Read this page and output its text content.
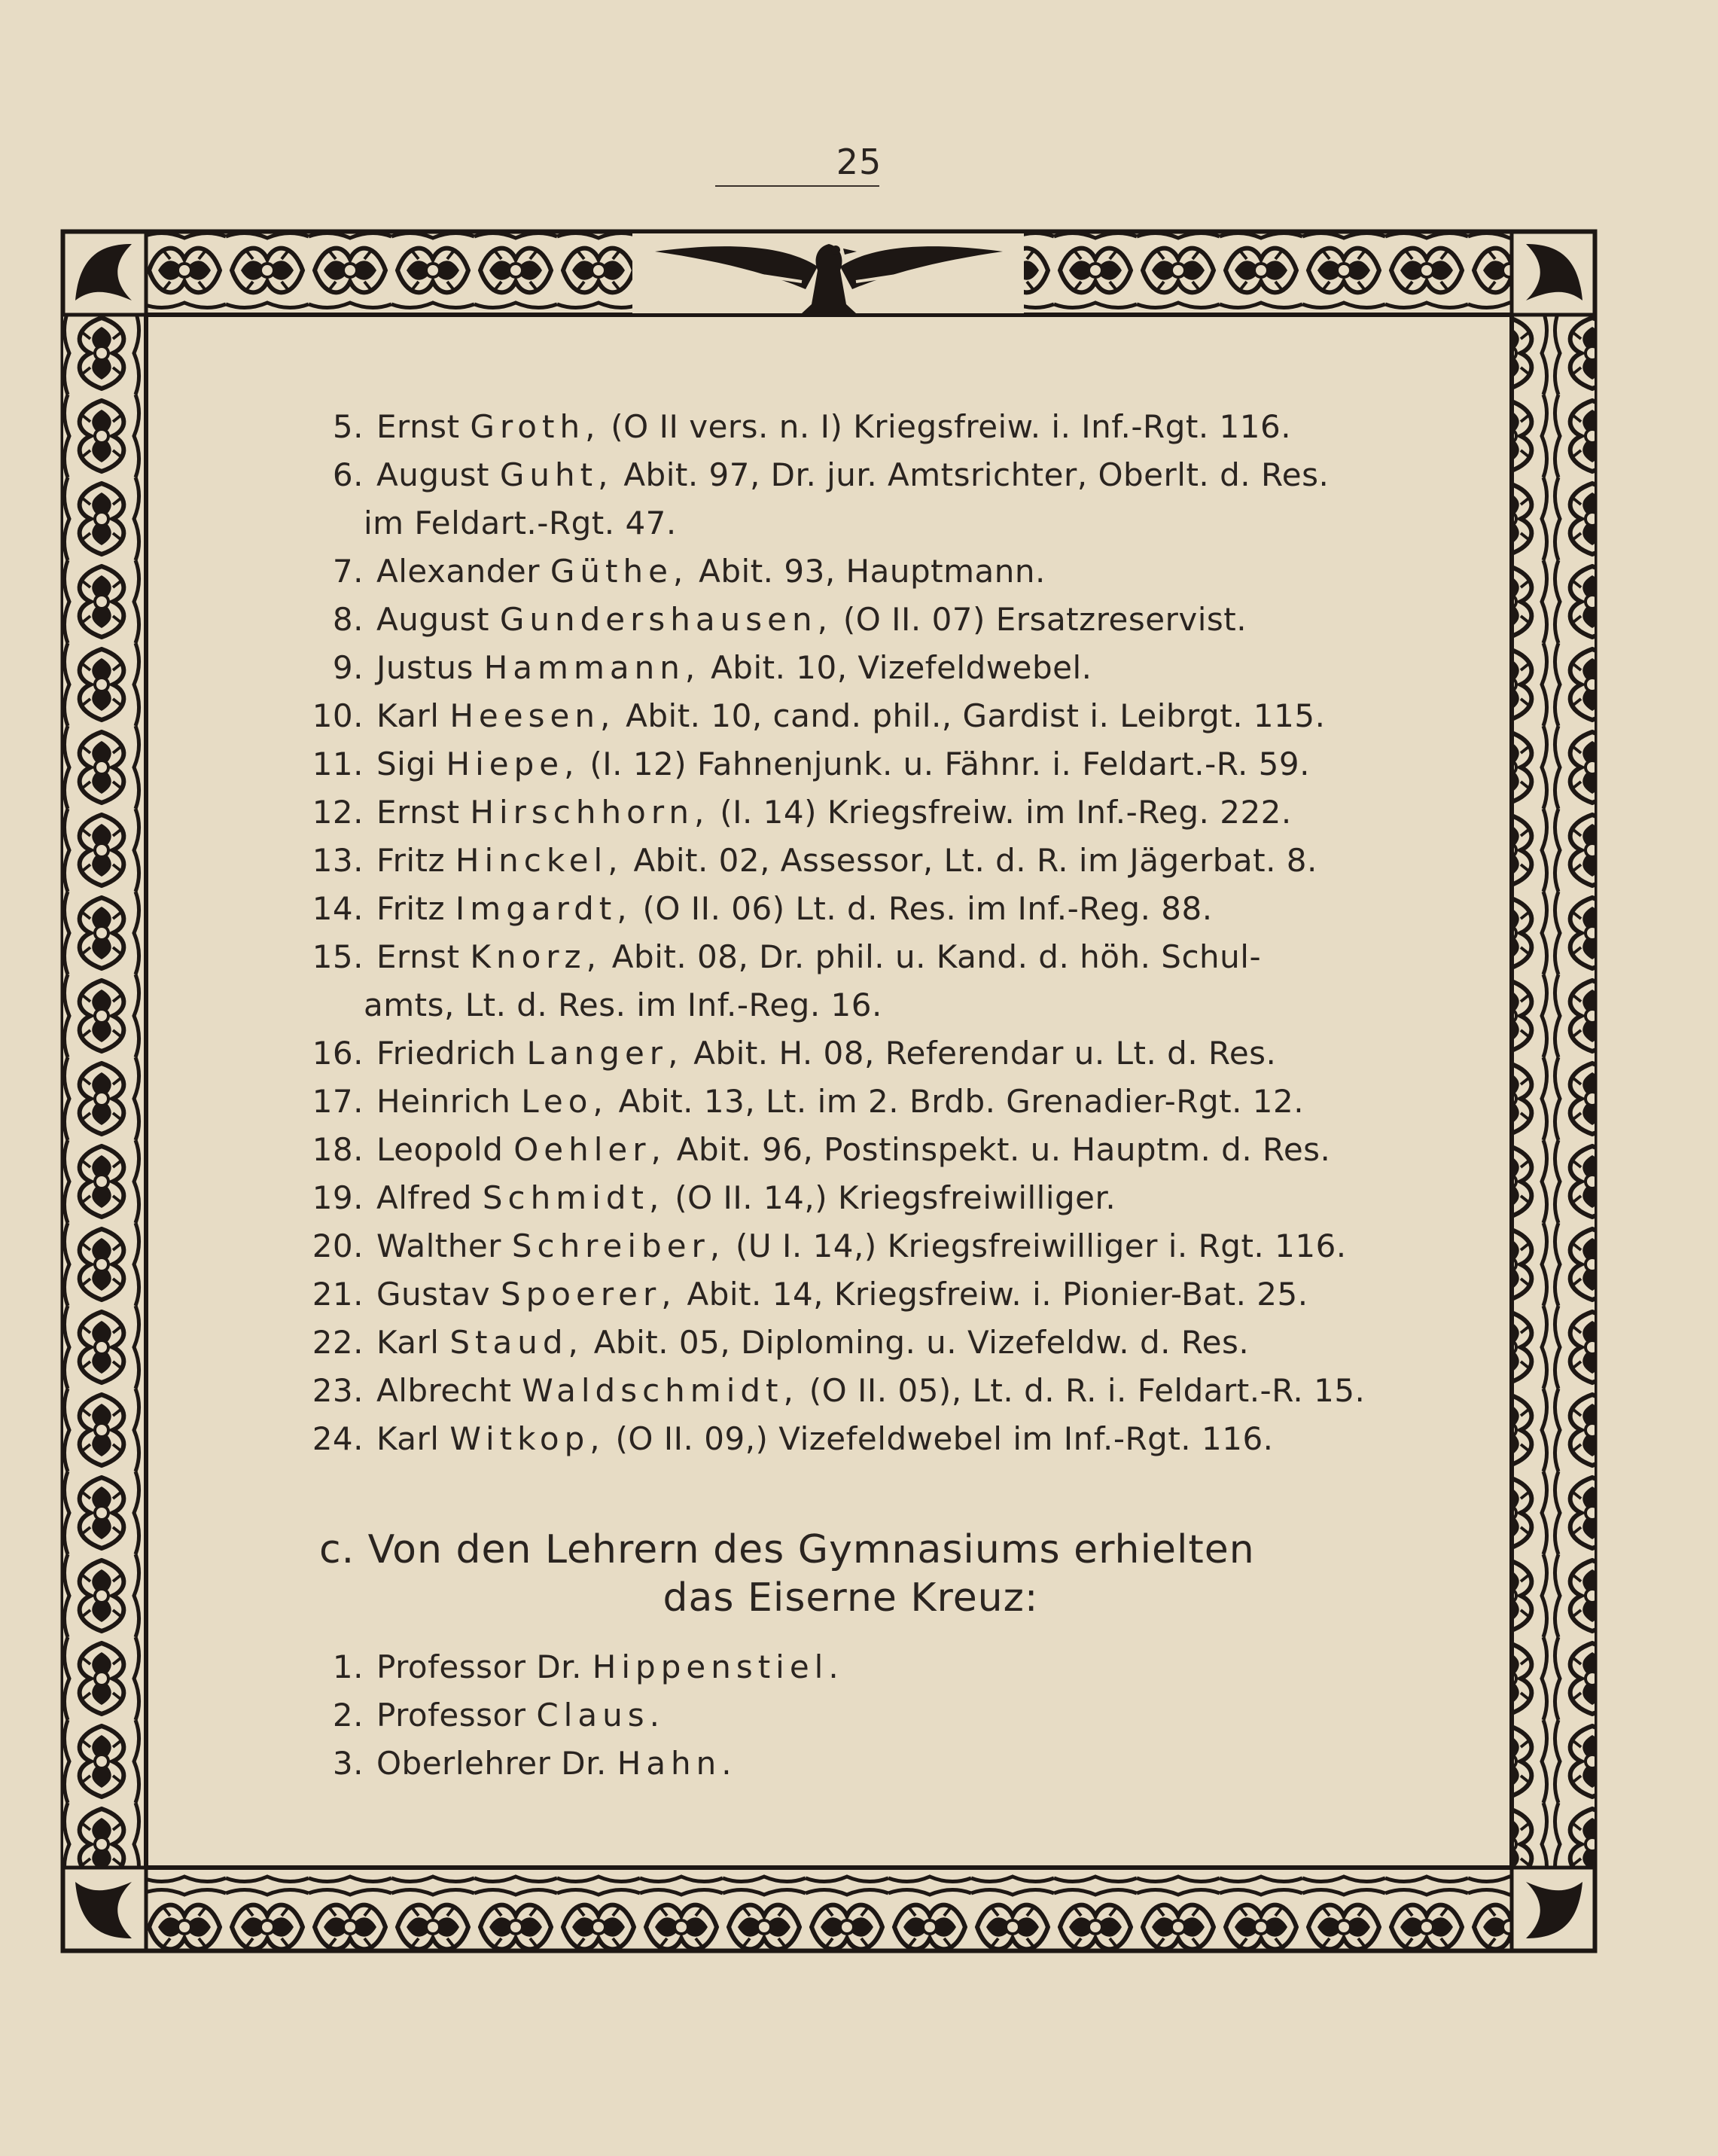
25
5. Ernst Groth, (O II vers. n. I) Kriegsfreiw. i. Inf.-Rgt. 116.
6. August Guht, Abit. 97, Dr. jur. Amtsrichter, Oberlt. d. Res.
im Feldart.-Rgt. 47.
7. Alexander Güthe, Abit. 93, Hauptmann.
8. August Gundershausen, (O II. 07) Ersatzreservist.
9. Justus Hammann, Abit. 10, Vizefeldwebel.
10. Karl Heesen, Abit. 10, cand. phil., Gardist i. Leibrgt. 115.
11. Sigi Hiepe, (I. 12) Fahnenjunk. u. Fähnr. i. Feldart.-R. 59.
12. Ernst Hirschhorn, (I. 14) Kriegsfreiw. im Inf.-Reg. 222.
13. Fritz Hinckel, Abit. 02, Assessor, Lt. d. R. im Jägerbat. 8.
14. Fritz Imgardt, (O II. 06) Lt. d. Res. im Inf.-Reg. 88.
15. Ernst Knorz, Abit. 08, Dr. phil. u. Kand. d. höh. Schul-
amts, Lt. d. Res. im Inf.-Reg. 16.
16. Friedrich Langer, Abit. H. 08, Referendar u. Lt. d. Res.
17. Heinrich Leo, Abit. 13, Lt. im 2. Brdb. Grenadier-Rgt. 12.
18. Leopold Oehler, Abit. 96, Postinspekt. u. Hauptm. d. Res.
19. Alfred Schmidt, (O II. 14,) Kriegsfreiwilliger.
20. Walther Schreiber, (U I. 14,) Kriegsfreiwilliger i. Rgt. 116.
21. Gustav Spoerer, Abit. 14, Kriegsfreiw. i. Pionier-Bat. 25.
22. Karl Staud, Abit. 05, Diploming. u. Vizefeldw. d. Res.
23. Albrecht Waldschmidt, (O II. 05), Lt. d. R. i. Feldart.-R. 15.
24. Karl Witkop, (O II. 09,) Vizefeldwebel im Inf.-Rgt. 116.
c. Von den Lehrern des Gymnasiums erhielten
das Eiserne Kreuz:
1. Professor Dr. Hippenstiel.
2. Professor Claus.
3. Oberlehrer Dr. Hahn.
